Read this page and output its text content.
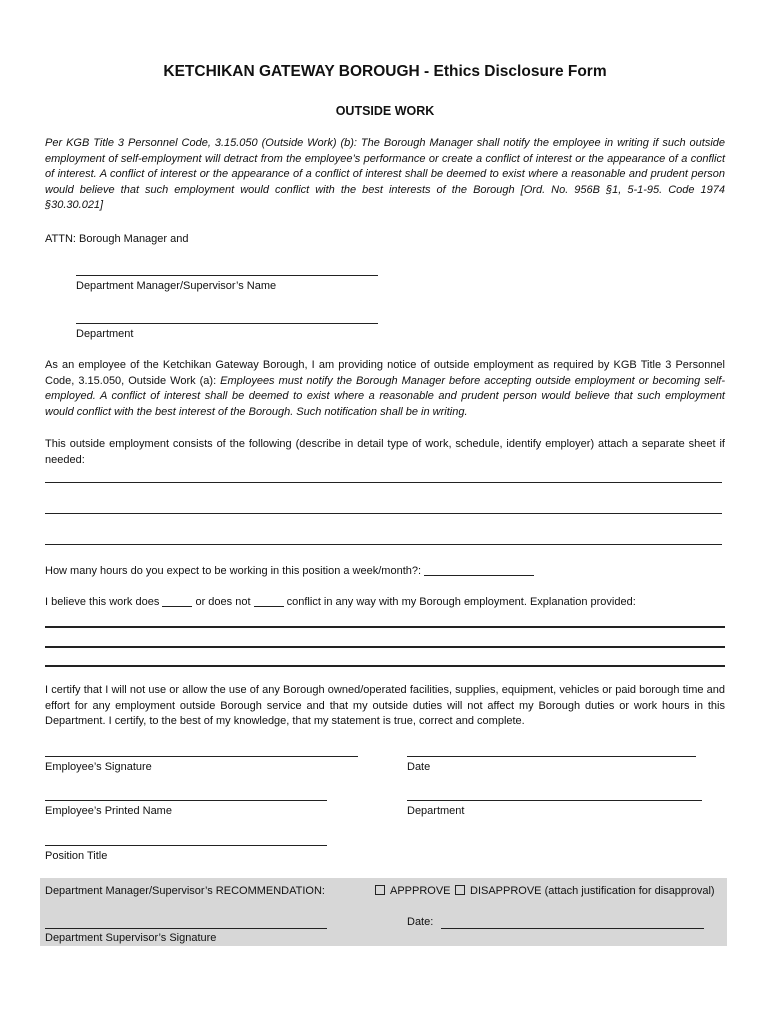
KETCHIKAN GATEWAY BOROUGH - Ethics Disclosure Form
OUTSIDE WORK
Per KGB Title 3 Personnel Code, 3.15.050 (Outside Work) (b): The Borough Manager shall notify the employee in writing if such outside employment of self-employment will detract from the employee’s performance or create a conflict of interest or the appearance of a conflict of interest. A conflict of interest or the appearance of a conflict of interest shall be deemed to exist where a reasonable and prudent person would believe that such employment would conflict with the best interests of the Borough [Ord. No. 956B §1, 5-1-95. Code 1974 §30.30.021]
ATTN: Borough Manager and
Department Manager/Supervisor’s Name
Department
As an employee of the Ketchikan Gateway Borough, I am providing notice of outside employment as required by KGB Title 3 Personnel Code, 3.15.050, Outside Work (a): Employees must notify the Borough Manager before accepting outside employment or becoming self-employed. A conflict of interest shall be deemed to exist where a reasonable and prudent person would believe that such employment would conflict with the best interest of the Borough. Such notification shall be in writing.
This outside employment consists of the following (describe in detail type of work, schedule, identify employer) attach a separate sheet if needed:
How many hours do you expect to be working in this position a week/month?:
I believe this work does	or does not	conflict in any way with my Borough employment. Explanation provided:
I certify that I will not use or allow the use of any Borough owned/operated facilities, supplies, equipment, vehicles or paid borough time and effort for any employment outside Borough service and that my outside duties will not affect my Borough duties or work hours in this Department. I certify, to the best of my knowledge, that my statement is true, correct and complete.
Employee’s Signature	Date
Employee’s Printed Name	Department
Position Title
Department Manager/Supervisor’s RECOMMENDATION:	APPPROVE	DISAPPROVE (attach justification for disapproval)
Department Supervisor’s Signature
Date:
